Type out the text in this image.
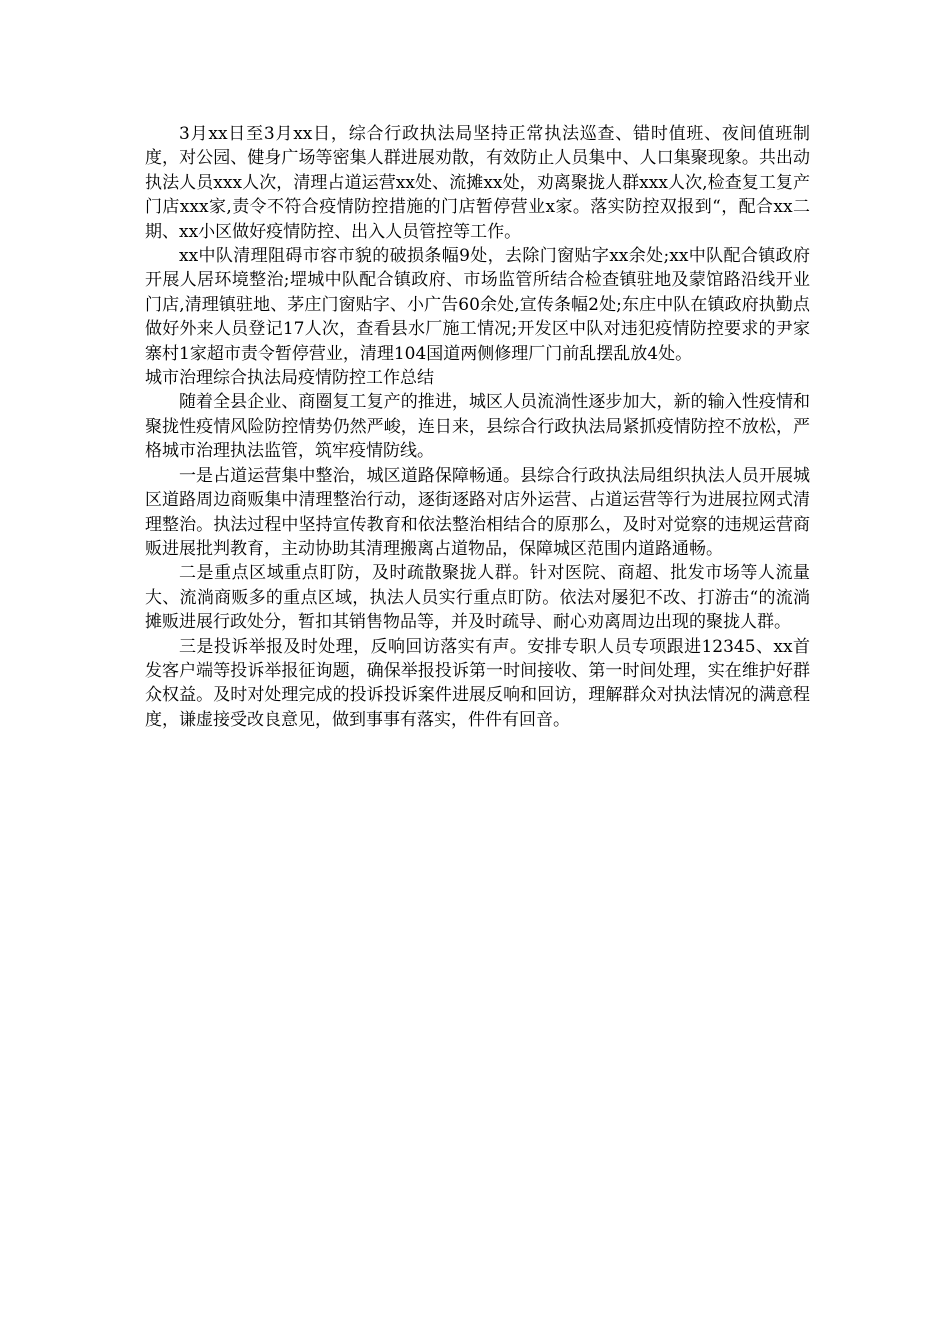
3月xx日至3月xx日，综合行政执法局坚持正常执法巡查、错时值班、夜间值班制度，对公园、健身广场等密集人群进展劝散，有效防止人员集中、人口集聚现象。共出动执法人员xxx人次，清理占道运营xx处、流摊xx处，劝离聚拢人群xxx人次,检查复工复产门店xxx家,责令不符合疫情防控措施的门店暂停营业x家。落实防控双报到“，配合xx二期、xx小区做好疫情防控、出入人员管控等工作。

xx中队清理阻碍市容市貌的破损条幅9处，去除门窗贴字xx余处;xx中队配合镇政府开展人居环境整治;堽城中队配合镇政府、市场监管所结合检查镇驻地及蒙馆路沿线开业门店,清理镇驻地、茅庄门窗贴字、小广告60余处,宣传条幅2处;东庄中队在镇政府执勤点做好外来人员登记17人次，查看县水厂施工情况;开发区中队对违犯疫情防控要求的尹家寨村1家超市责令暂停营业，清理104国道两侧修理厂门前乱摆乱放4处。

城市治理综合执法局疫情防控工作总结

随着全县企业、商圈复工复产的推进，城区人员流淌性逐步加大，新的输入性疫情和聚拢性疫情风险防控情势仍然严峻，连日来，县综合行政执法局紧抓疫情防控不放松，严格城市治理执法监管，筑牢疫情防线。

一是占道运营集中整治，城区道路保障畅通。县综合行政执法局组织执法人员开展城区道路周边商贩集中清理整治行动，逐街逐路对店外运营、占道运营等行为进展拉网式清理整治。执法过程中坚持宣传教育和依法整治相结合的原那么，及时对觉察的违规运营商贩进展批判教育，主动协助其清理搬离占道物品，保障城区范围内道路通畅。

二是重点区域重点盯防，及时疏散聚拢人群。针对医院、商超、批发市场等人流量大、流淌商贩多的重点区域，执法人员实行重点盯防。依法对屡犯不改、打游击“的流淌摊贩进展行政处分，暂扣其销售物品等，并及时疏导、耐心劝离周边出现的聚拢人群。

三是投诉举报及时处理，反响回访落实有声。安排专职人员专项跟进12345、xx首发客户端等投诉举报征询题，确保举报投诉第一时间接收、第一时间处理，实在维护好群众权益。及时对处理完成的投诉投诉案件进展反响和回访，理解群众对执法情况的满意程度，谦虚接受改良意见，做到事事有落实，件件有回音。
